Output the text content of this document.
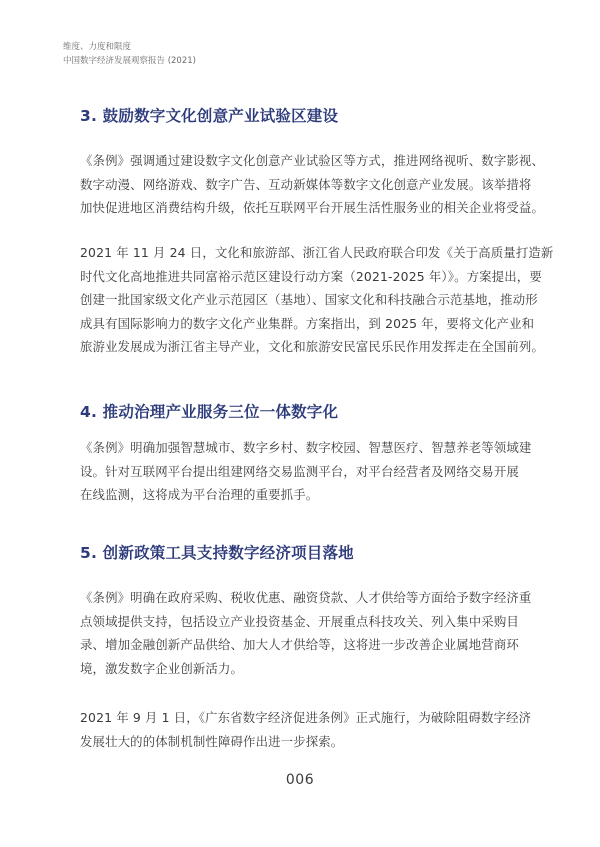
维度、力度和限度
中国数字经济发展观察报告 (2021)
3. 鼓励数字文化创意产业试验区建设
《条例》强调通过建设数字文化创意产业试验区等方式，推进网络视听、数字影视、
数字动漫、网络游戏、数字广告、互动新媒体等数字文化创意产业发展。该举措将
加快促进地区消费结构升级，依托互联网平台开展生活性服务业的相关企业将受益。
2021 年 11 月 24 日，文化和旅游部、浙江省人民政府联合印发《关于高质量打造新
时代文化高地推进共同富裕示范区建设行动方案（2021-2025 年）》。方案提出，要
创建一批国家级文化产业示范园区（基地）、国家文化和科技融合示范基地，推动形
成具有国际影响力的数字文化产业集群。方案指出，到 2025 年，要将文化产业和
旅游业发展成为浙江省主导产业，文化和旅游安民富民乐民作用发挥走在全国前列。
4. 推动治理产业服务三位一体数字化
《条例》明确加强智慧城市、数字乡村、数字校园、智慧医疗、智慧养老等领域建
设。针对互联网平台提出组建网络交易监测平台，对平台经营者及网络交易开展
在线监测，这将成为平台治理的重要抓手。
5. 创新政策工具支持数字经济项目落地
《条例》明确在政府采购、税收优惠、融资贷款、人才供给等方面给予数字经济重
点领域提供支持，包括设立产业投资基金、开展重点科技攻关、列入集中采购目
录、增加金融创新产品供给、加大人才供给等，这将进一步改善企业属地营商环
境，激发数字企业创新活力。
2021 年 9 月 1 日，《广东省数字经济促进条例》正式施行，为破除阻碍数字经济
发展壮大的的体制机制性障碍作出进一步探索。
006
